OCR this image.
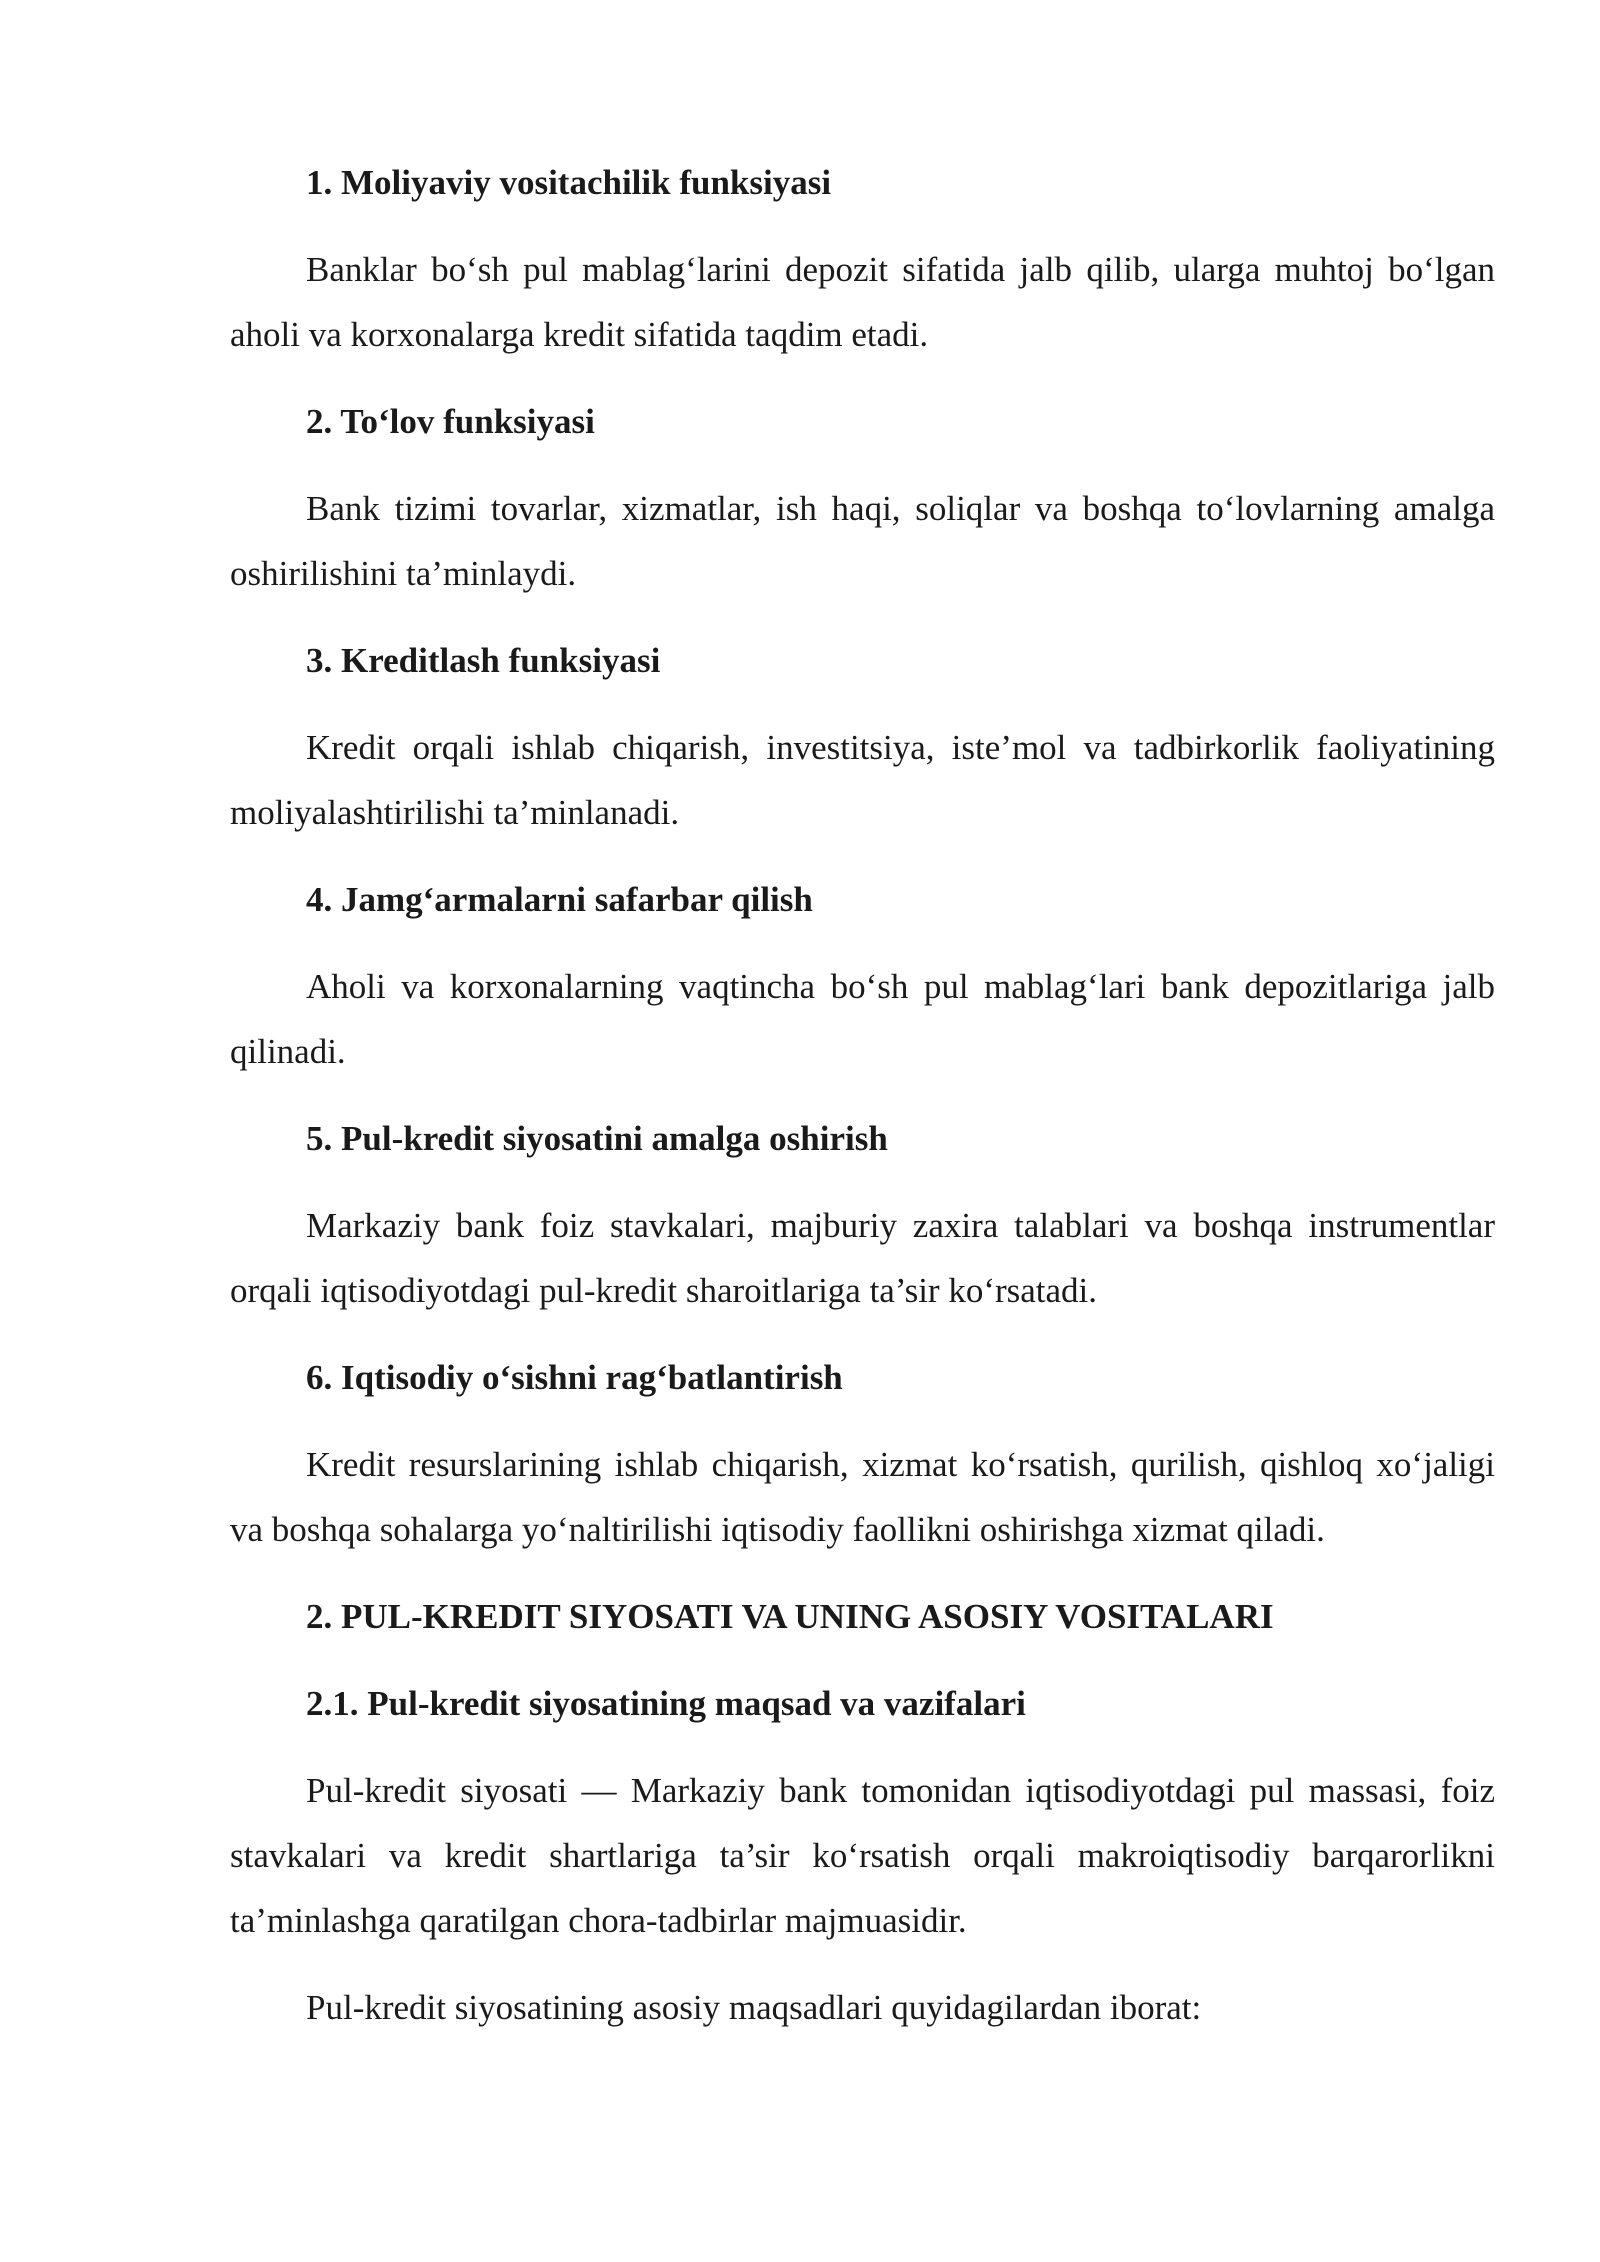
1. Moliyaviy vositachilik funksiyasi
Banklar bo‘sh pul mablag‘larini depozit sifatida jalb qilib, ularga muhtoj bo‘lgan aholi va korxonalarga kredit sifatida taqdim etadi.
2. To‘lov funksiyasi
Bank tizimi tovarlar, xizmatlar, ish haqi, soliqlar va boshqa to‘lovlarning amalga oshirilishini ta’minlaydi.
3. Kreditlash funksiyasi
Kredit orqali ishlab chiqarish, investitsiya, iste’mol va tadbirkorlik faoliyatining moliyalashtirilishi ta’minlanadi.
4. Jamg‘armalarni safarbar qilish
Aholi va korxonalarning vaqtincha bo‘sh pul mablag‘lari bank depozitlariga jalb qilinadi.
5. Pul-kredit siyosatini amalga oshirish
Markaziy bank foiz stavkalari, majburiy zaxira talablari va boshqa instrumentlar orqali iqtisodiyotdagi pul-kredit sharoitlariga ta’sir ko‘rsatadi.
6. Iqtisodiy o‘sishni rag‘batlantirish
Kredit resurslarining ishlab chiqarish, xizmat ko‘rsatish, qurilish, qishloq xo‘jaligi va boshqa sohalarga yo‘naltirilishi iqtisodiy faollikni oshirishga xizmat qiladi.
2. PUL-KREDIT SIYOSATI VA UNING ASOSIY VOSITALARI
2.1. Pul-kredit siyosatining maqsad va vazifalari
Pul-kredit siyosati — Markaziy bank tomonidan iqtisodiyotdagi pul massasi, foiz stavkalari va kredit shartlariga ta’sir ko‘rsatish orqali makroiqtisodiy barqarorlikni ta’minlashga qaratilgan chora-tadbirlar majmuasidir.
Pul-kredit siyosatining asosiy maqsadlari quyidagilardan iborat:
